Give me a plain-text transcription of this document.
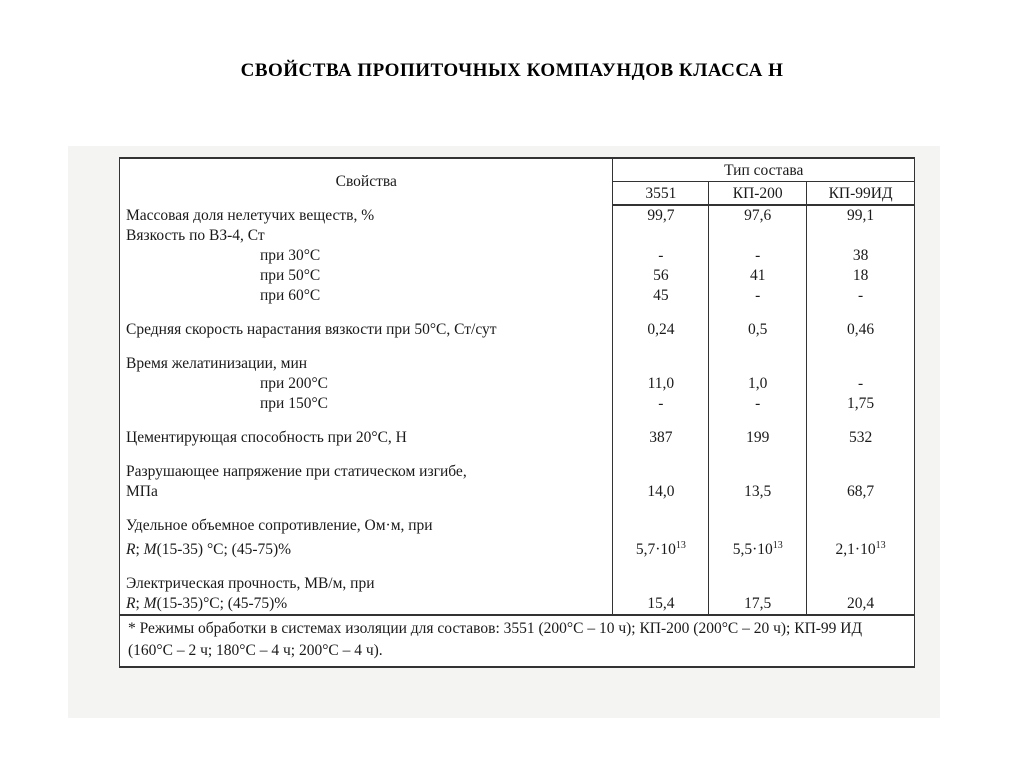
СВОЙСТВА ПРОПИТОЧНЫХ КОМПАУНДОВ КЛАССА Н
Свойства	Тип состава		
	3551	КП-200	КП-99ИД
Массовая доля нелетучих веществ, %	99,7	97,6	99,1
Вязкость по ВЗ-4, Ст			
при 30°С	-	-	38
при 50°С	56	41	18
при 60°С	45	-	-

Средняя скорость нарастания вязкости при 50°С, Ст/сут	0,24	0,5	0,46

Время желатинизации, мин			
при 200°С	11,0	1,0	-
при 150°С	-	-	1,75

Цементирующая способность при 20°С, Н	387	199	532

Разрушающее напряжение при статическом изгибе,			
МПа	14,0	13,5	68,7

Удельное объемное сопротивление, Ом·м, при			
R; M(15-35) °С; (45-75)%	$5,7\cdot 10^{13}$	$5,5\cdot 10^{13}$	$2,1\cdot 10^{13}$

Электрическая прочность, МВ/м, при			
R; M(15-35)°С; (45-75)%	15,4	17,5	20,4
* Режимы обработки в системах изоляции для составов: 3551 (200°С – 10 ч); КП-200 (200°С – 20 ч); КП-99 ИД (160°С – 2 ч; 180°С – 4 ч; 200°С – 4 ч).			
